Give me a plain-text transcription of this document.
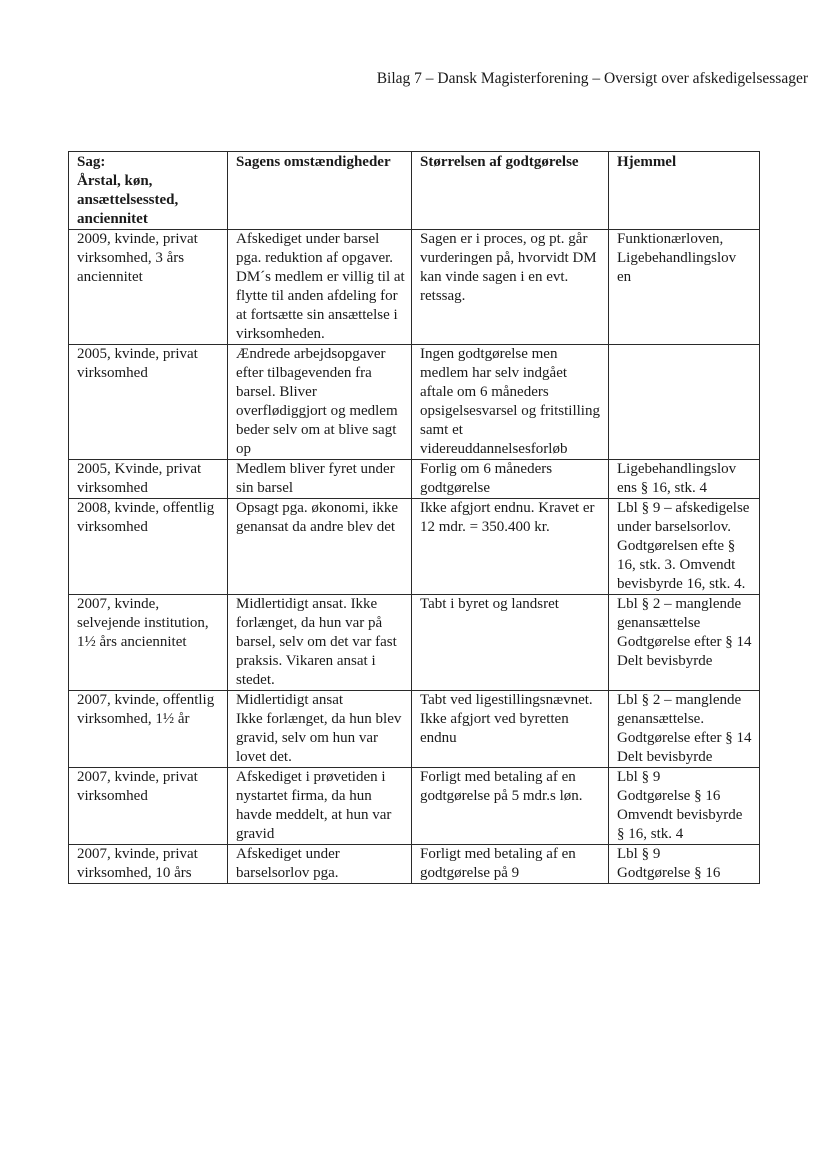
Bilag 7 – Dansk Magisterforening – Oversigt over afskedigelsessager
Sag:
Årstal, køn, ansættelsessted, anciennitet	Sagens omstændigheder	Størrelsen af godtgørelse	Hjemmel

2009, kvinde, privat virksomhed, 3 års anciennitet	Afskediget under barsel pga. reduktion af opgaver. DM´s medlem er villig til at flytte til anden afdeling for at fortsætte sin ansættelse i virksomheden.	Sagen er i proces, og pt. går vurderingen på, hvorvidt DM kan vinde sagen i en evt. retssag.	Funktionærloven, Ligebehandlingslov en

2005, kvinde, privat virksomhed	Ændrede arbejdsopgaver efter tilbagevenden fra barsel. Bliver overflødiggjort og medlem beder selv om at blive sagt op	Ingen godtgørelse men medlem har selv indgået aftale om 6 måneders opsigelsesvarsel og fritstilling samt et videreuddannelsesforløb	

2005, Kvinde, privat virksomhed	Medlem bliver fyret under sin barsel	Forlig om 6 måneders godtgørelse	Ligebehandlingslov ens § 16, stk. 4

2008, kvinde, offentlig virksomhed	Opsagt pga. økonomi, ikke genansat da andre blev det	Ikke afgjort endnu. Kravet er 12 mdr. = 350.400 kr.	Lbl § 9 – afskedigelse under barselsorlov. Godtgørelsen efte § 16, stk. 3. Omvendt bevisbyrde 16, stk. 4.

2007, kvinde, selvejende institution, 1½ års anciennitet	Midlertidigt ansat. Ikke forlænget, da hun var på barsel, selv om det var fast praksis. Vikaren ansat i stedet.	Tabt i byret og landsret	Lbl § 2 – manglende genansættelse Godtgørelse efter § 14
Delt bevisbyrde

2007, kvinde, offentlig virksomhed, 1½ år	Midlertidigt ansat
Ikke forlænget, da hun blev gravid, selv om hun var lovet det.	Tabt ved ligestillingsnævnet. Ikke afgjort ved byretten endnu	Lbl § 2 – manglende genansættelse. Godtgørelse efter § 14
Delt bevisbyrde

2007, kvinde, privat virksomhed	Afskediget i prøvetiden i nystartet firma, da hun havde meddelt, at hun var gravid	Forligt med betaling af en godtgørelse på 5 mdr.s løn.	Lbl § 9
Godtgørelse § 16
Omvendt bevisbyrde § 16, stk. 4

2007, kvinde, privat virksomhed, 10 års	Afskediget under barselsorlov pga.	Forligt med betaling af en godtgørelse på 9	Lbl § 9
Godtgørelse § 16
